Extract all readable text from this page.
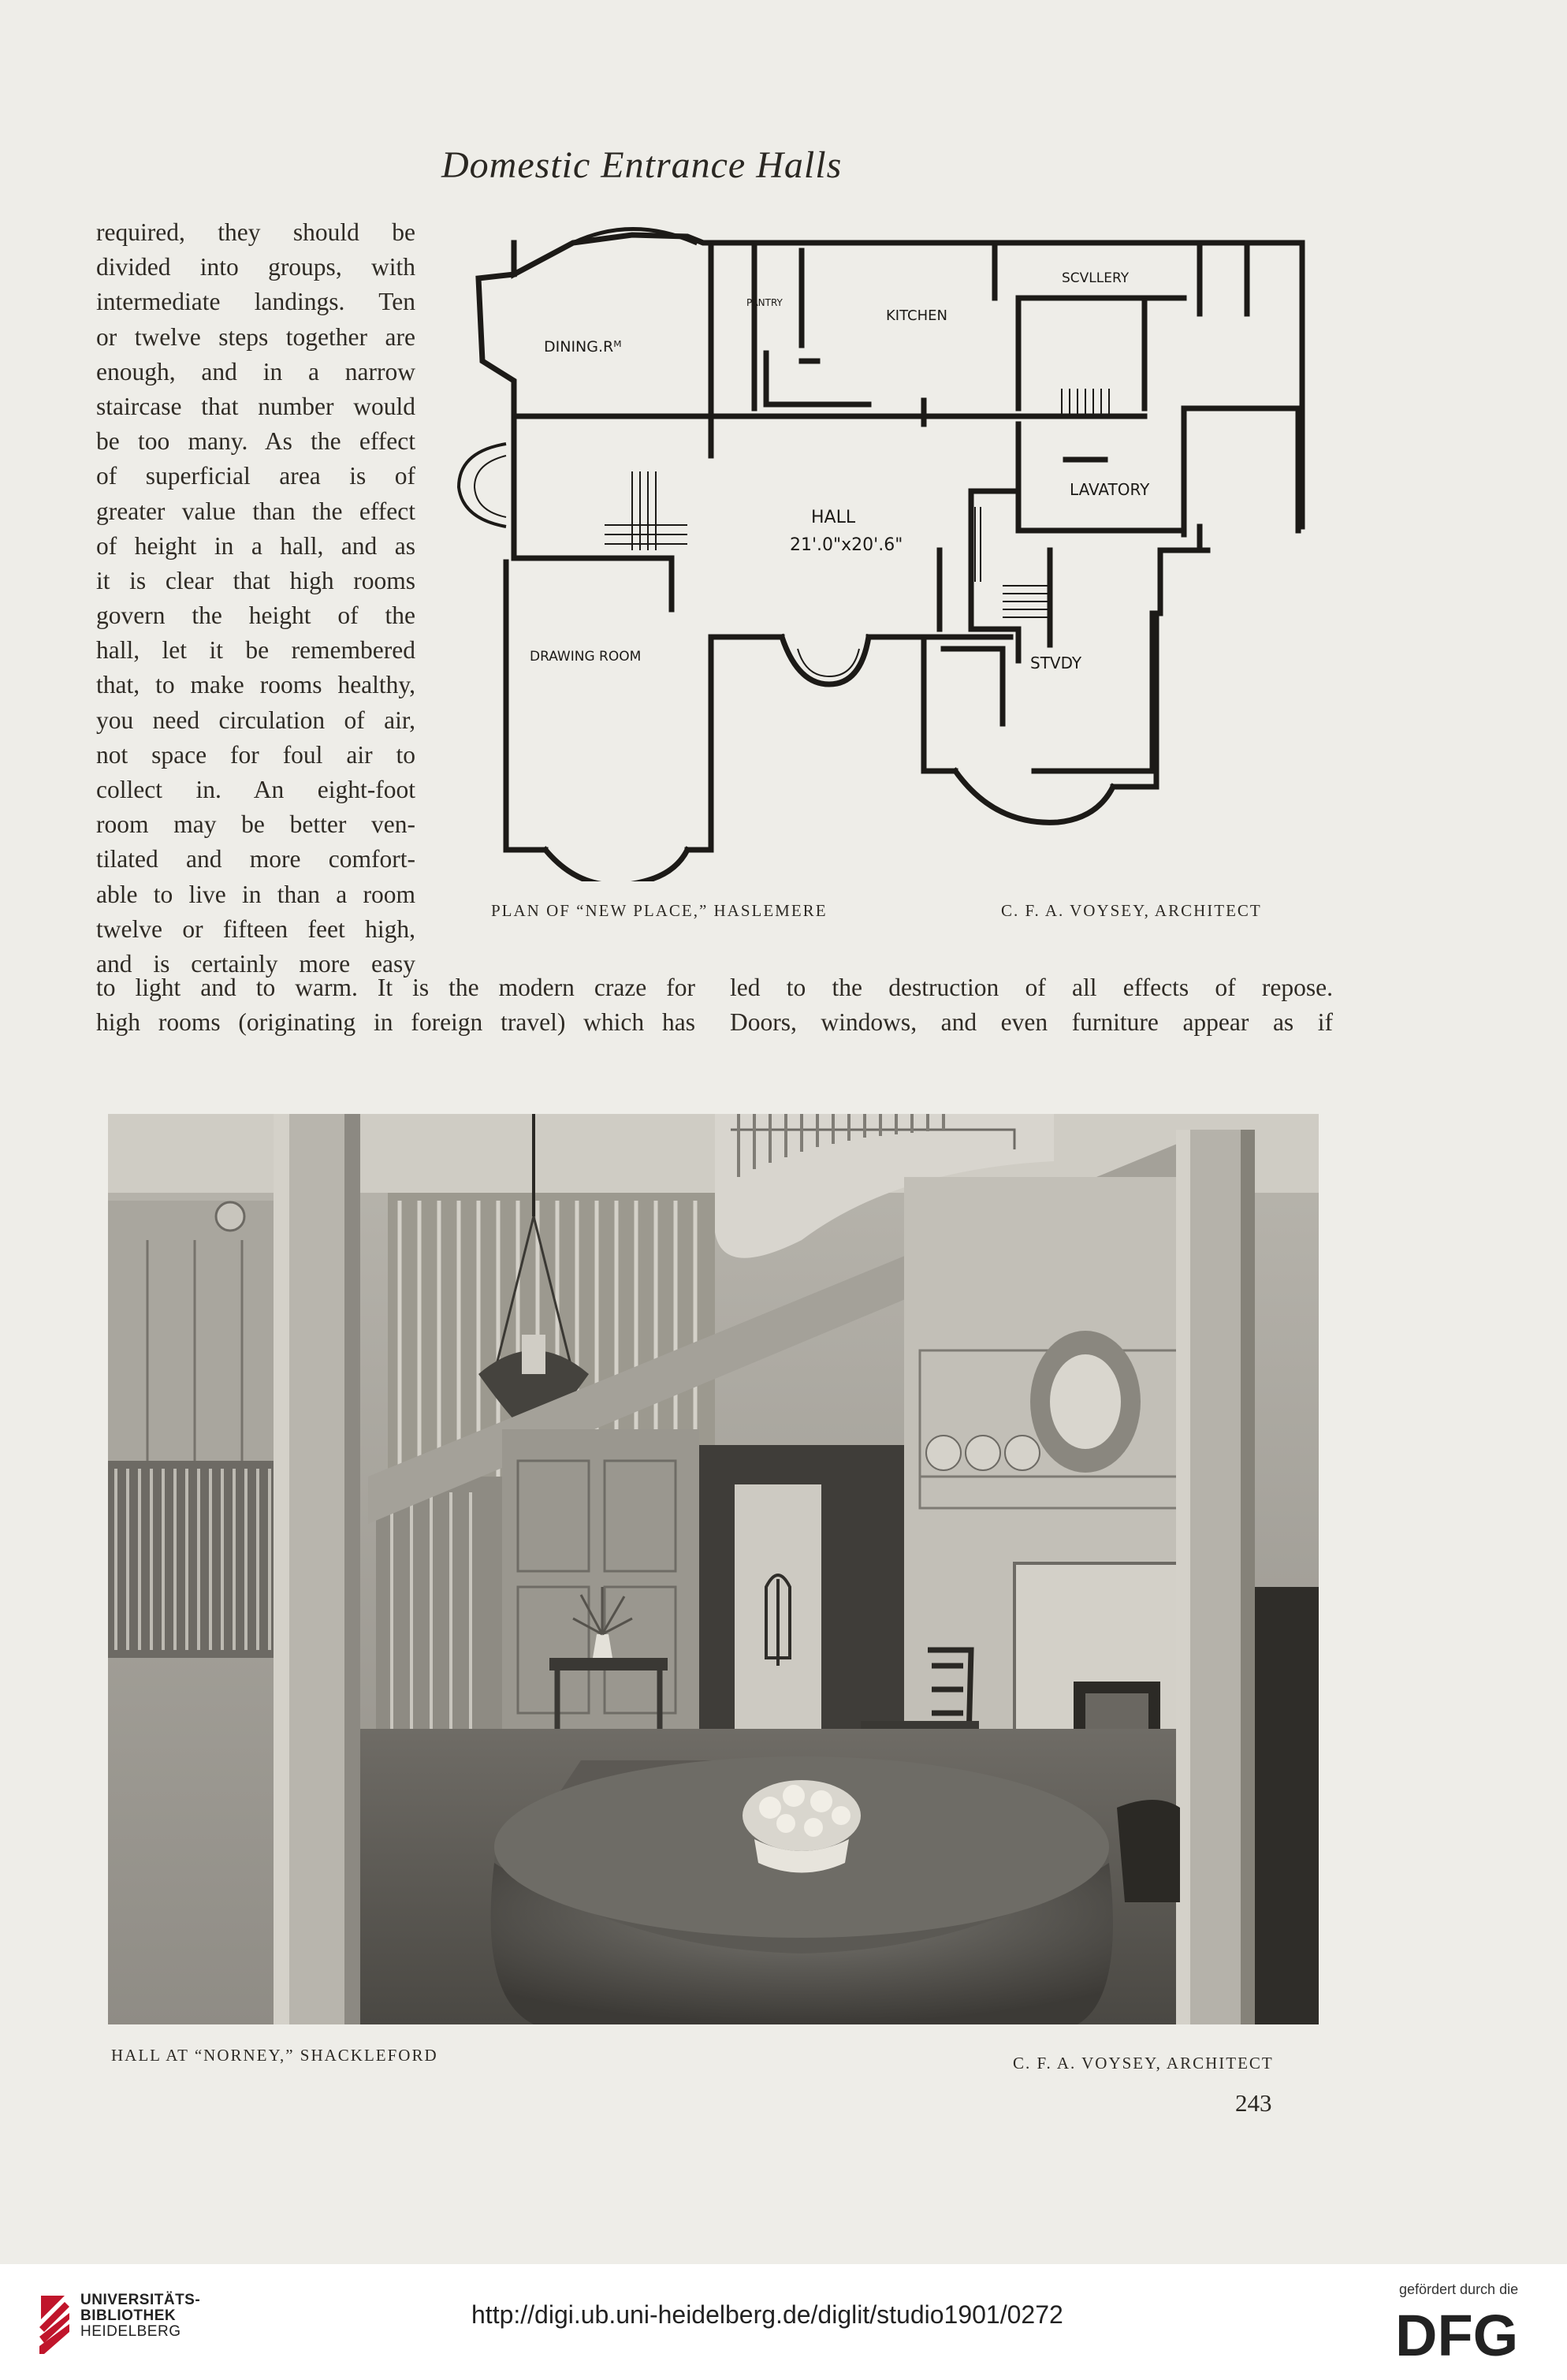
Domestic Entrance Halls
required, they should be
divided into groups, with
intermediate landings. Ten
or twelve steps together are
enough, and in a narrow
staircase that number would
be too many. As the effect
of superficial area is of
greater value than the effect
of height in a hall, and as
it is clear that high rooms
govern the height of the
hall, let it be remembered
that, to make rooms healthy,
you need circulation of air,
not space for foul air to
collect in. An eight-foot
room may be better ven-
tilated and more comfort-
able to live in than a room
twelve or fifteen feet high,
and is certainly more easy
DINING.Rᴹ
PANTRY
KITCHEN
SCVLLERY
LAVATORY
HALL
21'.0"x20'.6"
DRAWING ROOM	STVDY
PLAN OF “NEW PLACE,” HASLEMERE	C. F. A. VOYSEY, ARCHITECT
to light and to warm. It is the modern craze for
high rooms (originating in foreign travel) which has
led to the destruction of all effects of repose.
Doors, windows, and even furniture appear as if
HALL AT “NORNEY,” SHACKLEFORD	C. F. A. VOYSEY, ARCHITECT
243
UNIVERSITÄTS-
BIBLIOTHEK
HEIDELBERG
http://digi.ub.uni-heidelberg.de/diglit/studio1901/0272
gefördert durch die
DFG
